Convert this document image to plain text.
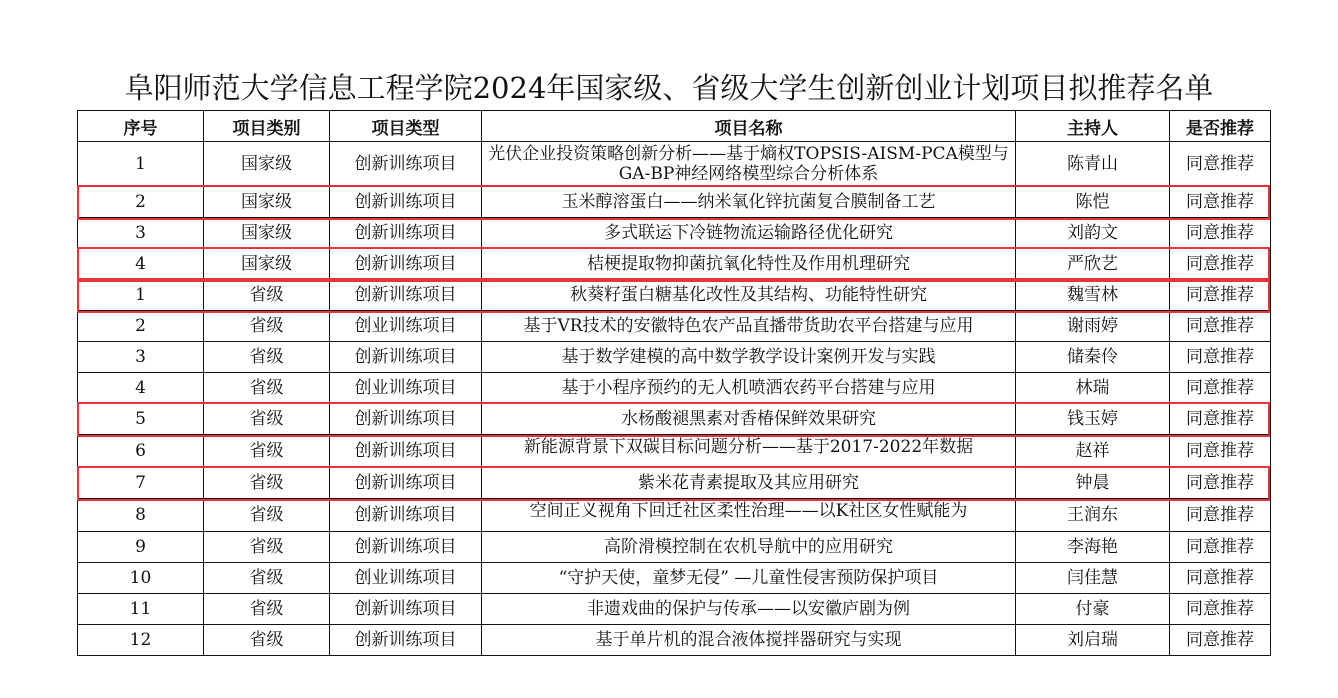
阜阳师范大学信息工程学院2024年国家级、省级大学生创新创业计划项目拟推荐名单
序号	项目类别	项目类型	项目名称	主持人	是否推荐
1	国家级	创新训练项目	光伏企业投资策略创新分析——基于熵权TOPSIS-AISM-PCA模型与GA-BP神经网络模型综合分析体系	陈青山	同意推荐
2	国家级	创新训练项目	玉米醇溶蛋白——纳米氧化锌抗菌复合膜制备工艺	陈恺	同意推荐
3	国家级	创新训练项目	多式联运下冷链物流运输路径优化研究	刘韵文	同意推荐
4	国家级	创新训练项目	桔梗提取物抑菌抗氧化特性及作用机理研究	严欣艺	同意推荐
1	省级	创新训练项目	秋葵籽蛋白糖基化改性及其结构、功能特性研究	魏雪林	同意推荐
2	省级	创业训练项目	基于VR技术的安徽特色农产品直播带货助农平台搭建与应用	谢雨婷	同意推荐
3	省级	创新训练项目	基于数学建模的高中数学教学设计案例开发与实践	储秦伶	同意推荐
4	省级	创业训练项目	基于小程序预约的无人机喷洒农药平台搭建与应用	林瑞	同意推荐
5	省级	创新训练项目	水杨酸褪黑素对香椿保鲜效果研究	钱玉婷	同意推荐
6	省级	创新训练项目	新能源背景下双碳目标问题分析——基于2017-2022年数据	赵祥	同意推荐
7	省级	创新训练项目	紫米花青素提取及其应用研究	钟晨	同意推荐
8	省级	创新训练项目	空间正义视角下回迁社区柔性治理——以K社区女性赋能为	王润东	同意推荐
9	省级	创新训练项目	高阶滑模控制在农机导航中的应用研究	李海艳	同意推荐
10	省级	创业训练项目	“守护天使，童梦无侵” —儿童性侵害预防保护项目	闫佳慧	同意推荐
11	省级	创新训练项目	非遗戏曲的保护与传承——以安徽庐剧为例	付豪	同意推荐
12	省级	创新训练项目	基于单片机的混合液体搅拌器研究与实现	刘启瑞	同意推荐
